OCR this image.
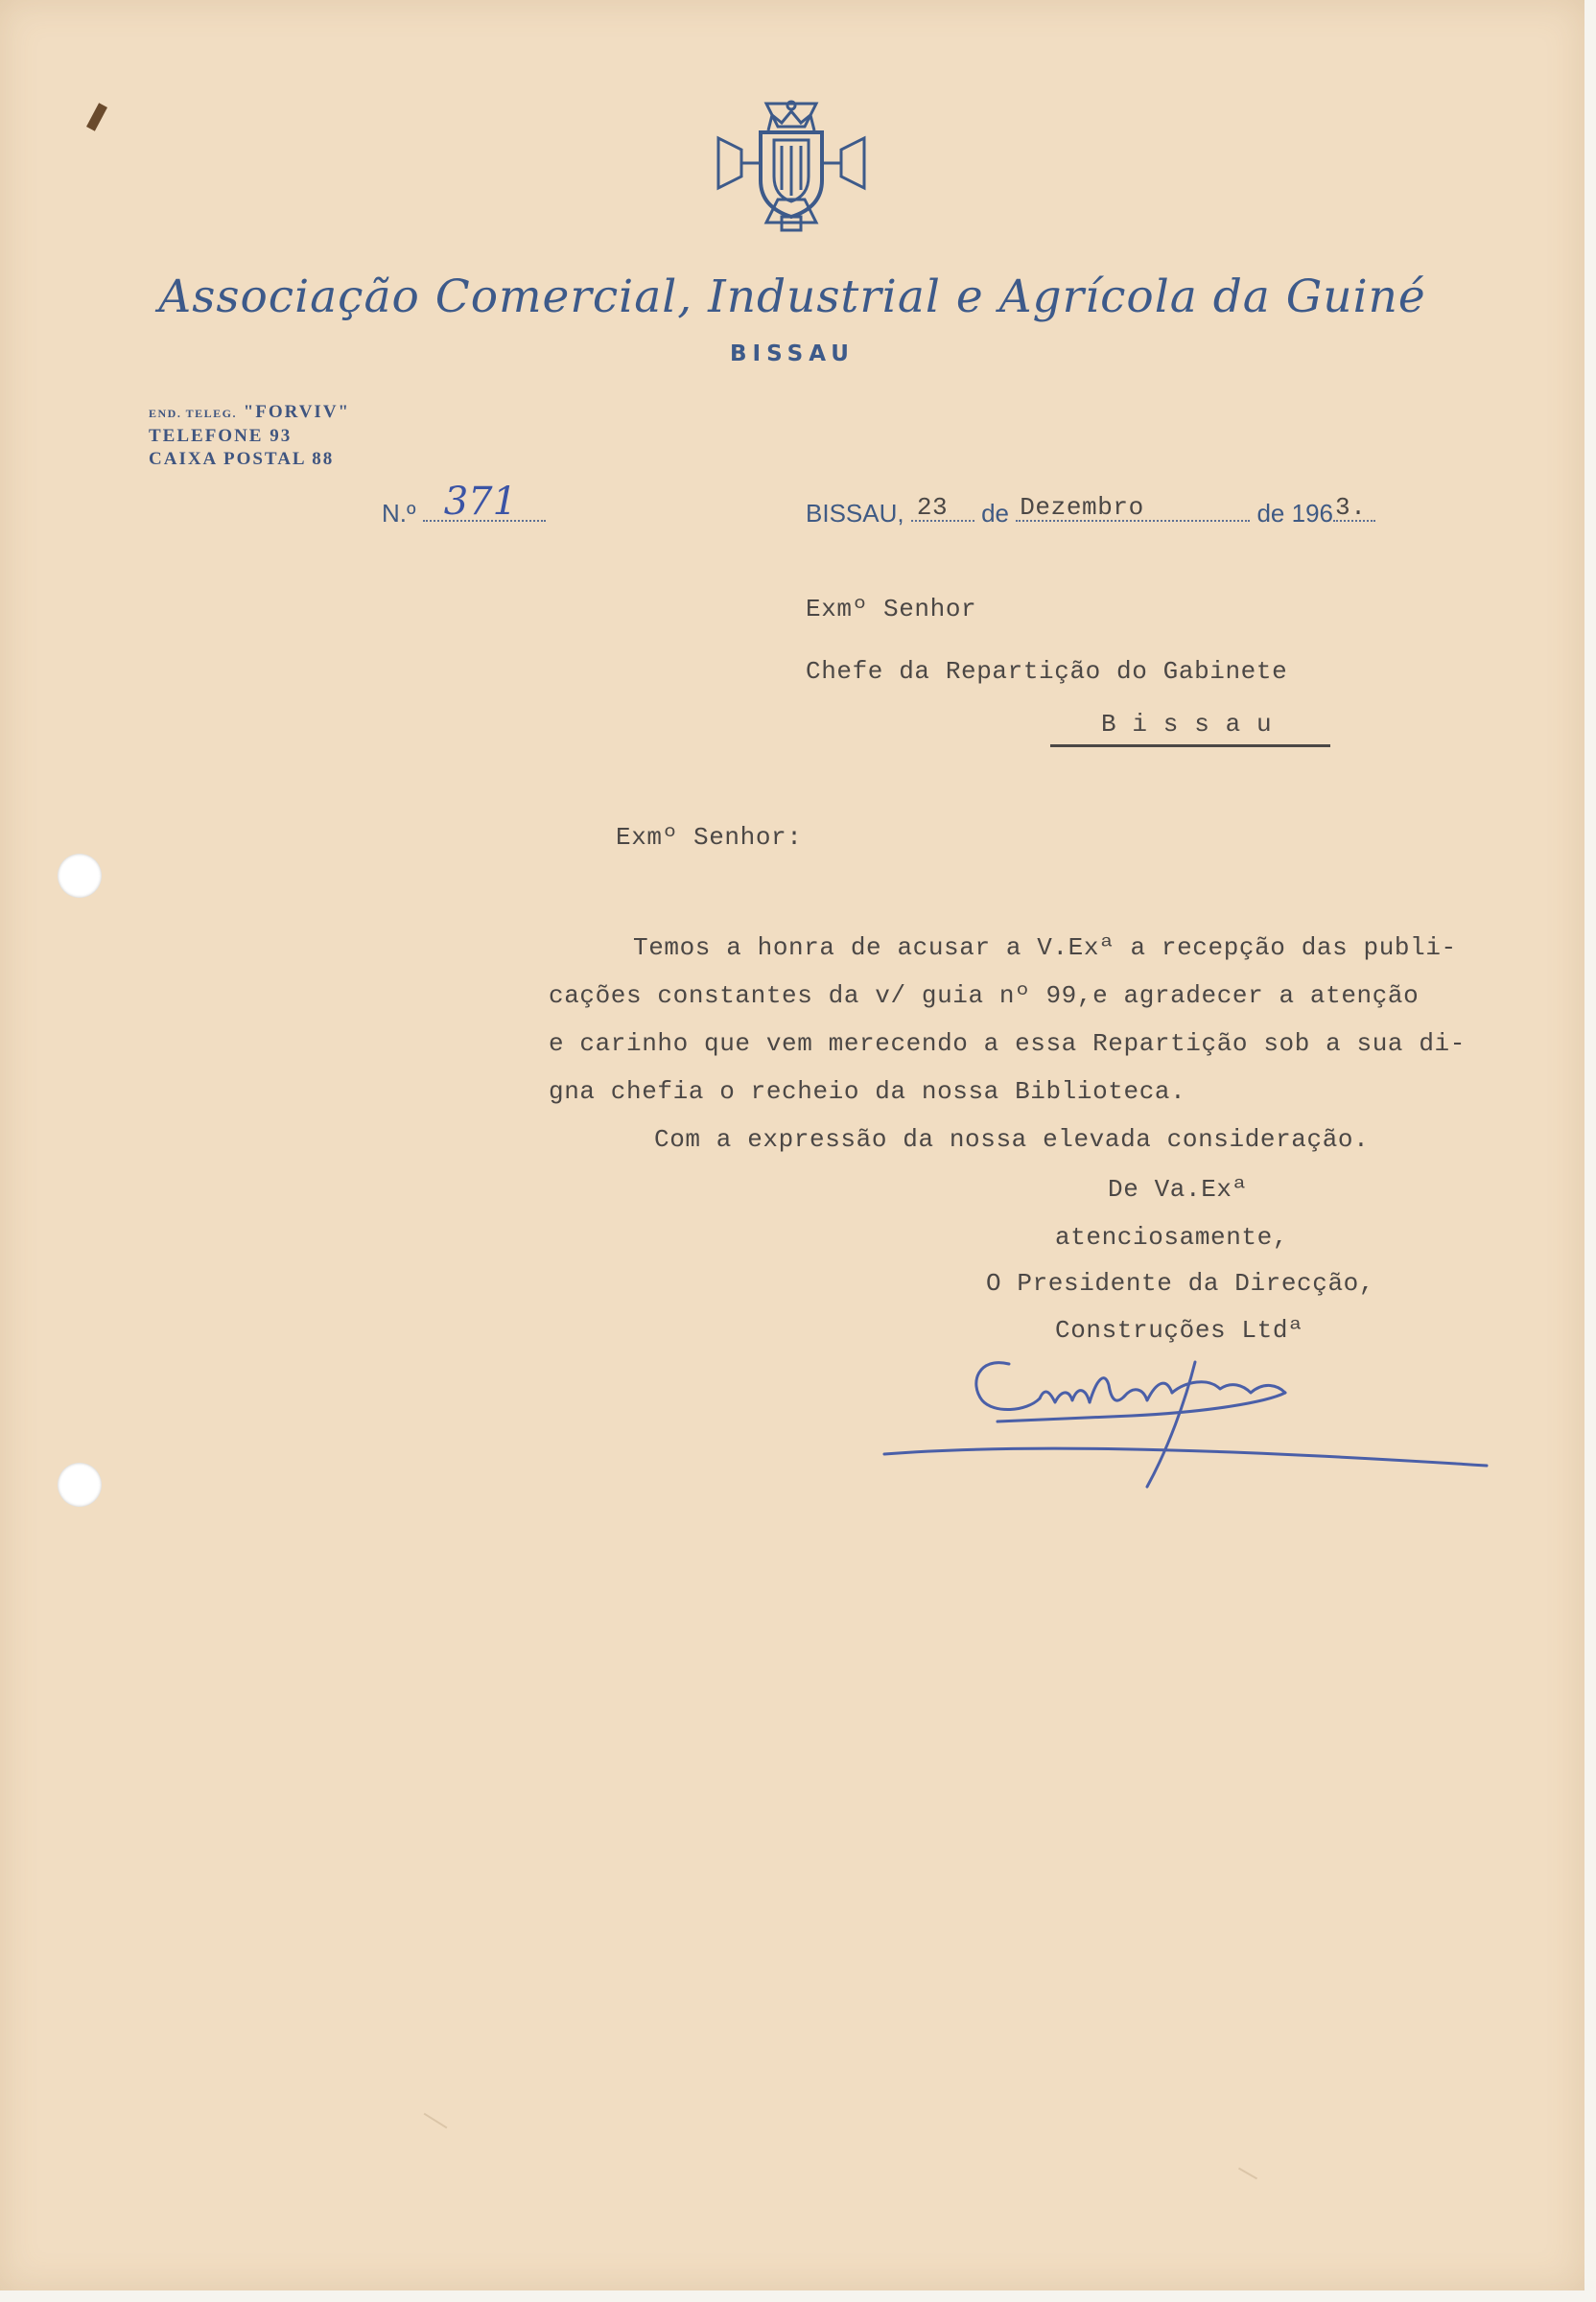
Associação Comercial, Industrial e Agrícola da Guiné
BISSAU
END. TELEG. "FORVIV"
TELEFONE 93
CAIXA POSTAL 88
N.º 371	BISSAU, 23 de Dezembro	de 196 3.
Exmº Senhor
Chefe da Repartição do Gabinete
B i s s a u
Exmº Senhor:
Temos a honra de acusar a V.Exª a recepção das publi-
cações constantes da v/ guia nº 99,e agradecer a atenção
e carinho que vem merecendo a essa Repartição sob a sua di-
gna chefia o recheio da nossa Biblioteca.
Com a expressão da nossa elevada consideração.
De Va.Exª
atenciosamente,
O Presidente da Direcção,
Construções Ltdª
